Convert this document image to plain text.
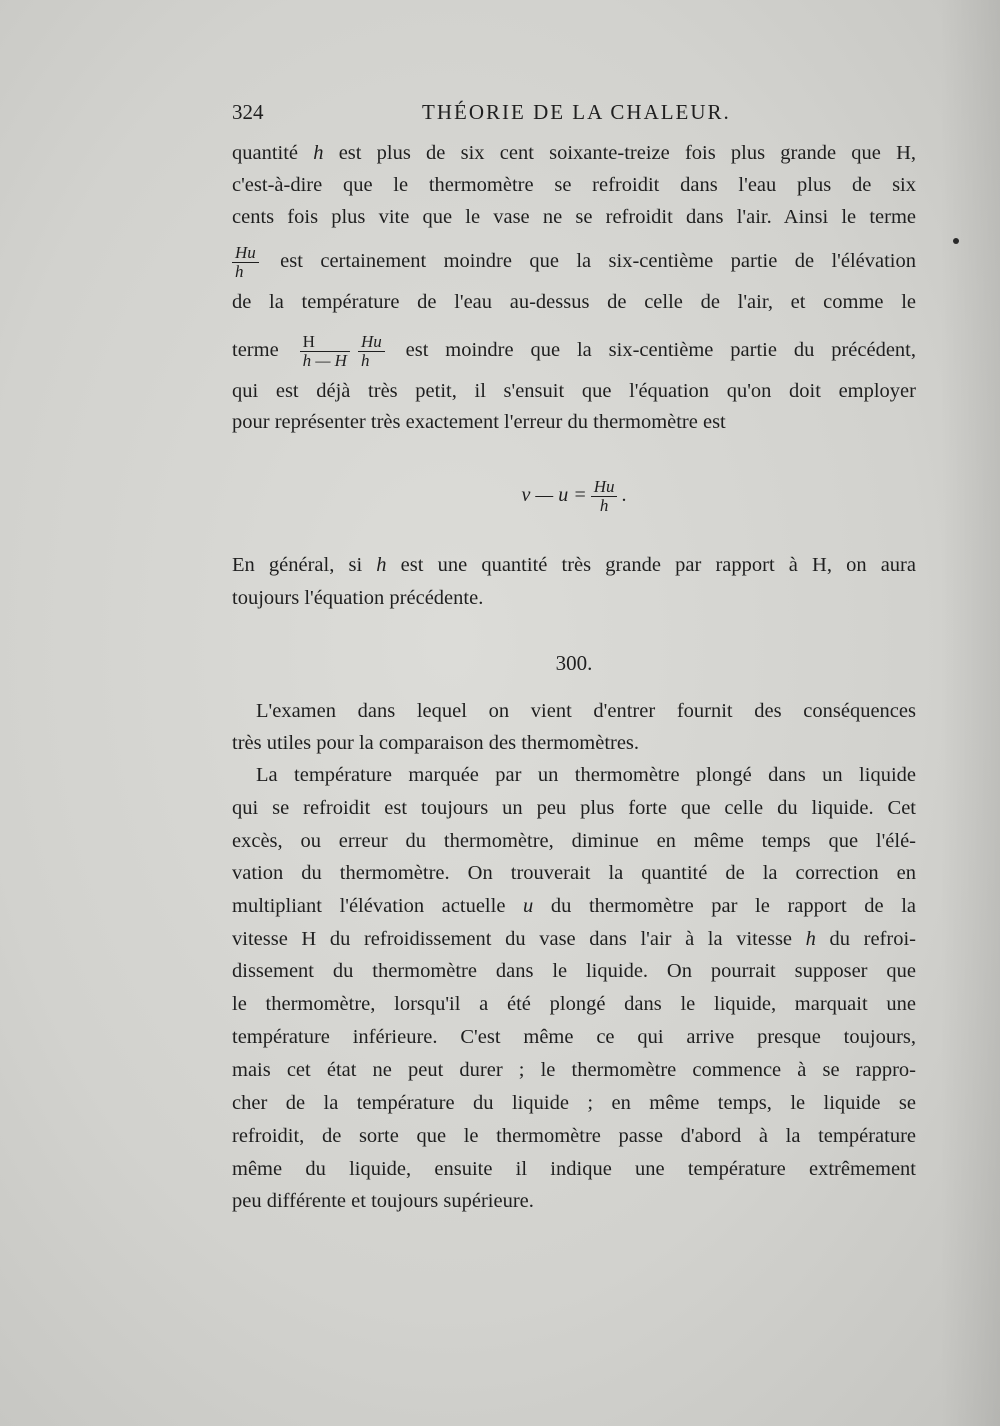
324	THÉORIE DE LA CHALEUR.
quantité h est plus de six cent soixante-treize fois plus grande que H,
c'est-à-dire que le thermomètre se refroidit dans l'eau plus de six
cents fois plus vite que le vase ne se refroidit dans l'air. Ainsi le terme
$\frac{Hu}{h}$ est certainement moindre que la six-centième partie de l'élévation
de la température de l'eau au-dessus de celle de l'air, et comme le
terme $\frac{H}{h — H} \frac{Hu}{h}$ est moindre que la six-centième partie du précédent,
qui est déjà très petit, il s'ensuit que l'équation qu'on doit employer
pour représenter très exactement l'erreur du thermomètre est
v — $u = \frac{Hu}{h}$ .
En général, si h est une quantité très grande par rapport à H, on aura
toujours l'équation précédente.
300.
L'examen dans lequel on vient d'entrer fournit des conséquences
très utiles pour la comparaison des thermomètres.
La température marquée par un thermomètre plongé dans un liquide
qui se refroidit est toujours un peu plus forte que celle du liquide. Cet
excès, ou erreur du thermomètre, diminue en même temps que l'élé-
vation du thermomètre. On trouverait la quantité de la correction en
multipliant l'élévation actuelle u du thermomètre par le rapport de la
vitesse H du refroidissement du vase dans l'air à la vitesse h du refroi-
dissement du thermomètre dans le liquide. On pourrait supposer que
le thermomètre, lorsqu'il a été plongé dans le liquide, marquait une
température inférieure. C'est même ce qui arrive presque toujours,
mais cet état ne peut durer ; le thermomètre commence à se rappro-
cher de la température du liquide ; en même temps, le liquide se
refroidit, de sorte que le thermomètre passe d'abord à la température
même du liquide, ensuite il indique une température extrêmement
peu différente et toujours supérieure.
